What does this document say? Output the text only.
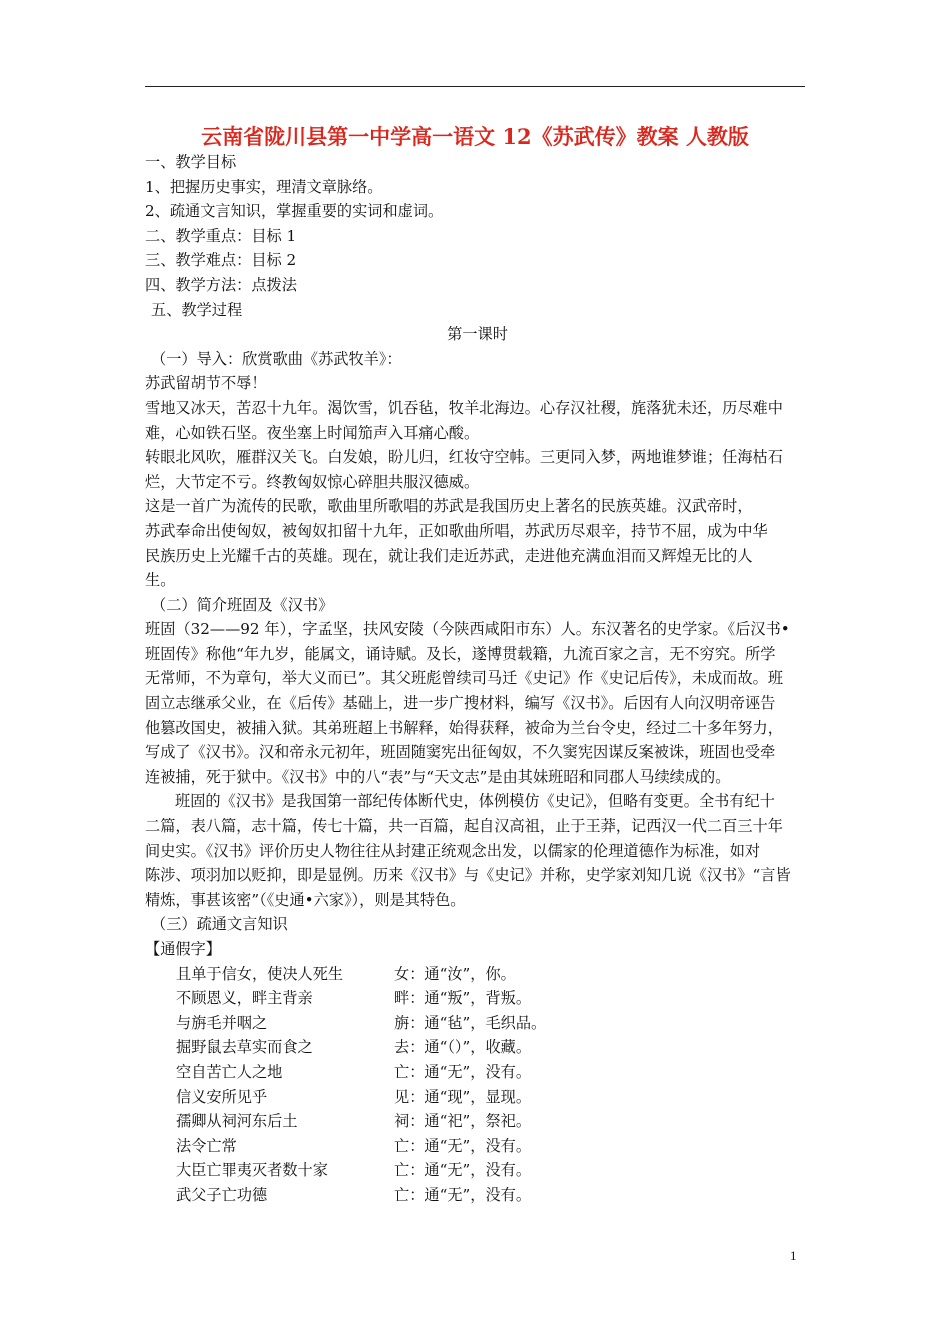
云南省陇川县第一中学高一语文 12《苏武传》教案 人教版
一、教学目标
1、把握历史事实，理清文章脉络。
2、疏通文言知识，掌握重要的实词和虚词。
二、教学重点：目标 1
三、教学难点：目标 2
四、教学方法：点拨法
五、教学过程
第一课时
（一）导入：欣赏歌曲《苏武牧羊》：
苏武留胡节不辱！
雪地又冰天，苦忍十九年。渴饮雪，饥吞毡，牧羊北海边。心存汉社稷，旄落犹未还，历尽难中
难，心如铁石坚。夜坐塞上时闻笳声入耳痛心酸。
转眼北风吹，雁群汉关飞。白发娘，盼儿归，红妆守空帏。三更同入梦，两地谁梦谁；任海枯石
烂，大节定不亏。终教匈奴惊心碎胆共服汉德威。
这是一首广为流传的民歌，歌曲里所歌唱的苏武是我国历史上著名的民族英雄。汉武帝时，
苏武奉命出使匈奴，被匈奴扣留十九年，正如歌曲所唱，苏武历尽艰辛，持节不屈，成为中华
民族历史上光耀千古的英雄。现在，就让我们走近苏武，走进他充满血泪而又辉煌无比的人
生。
（二）简介班固及《汉书》
班固（32——92 年），字孟坚，扶风安陵（今陕西咸阳市东）人。东汉著名的史学家。《后汉书•
班固传》称他“年九岁，能属文，诵诗赋。及长，遂博贯载籍，九流百家之言，无不穷究。所学
无常师，不为章句，举大义而已”。其父班彪曾续司马迁《史记》作《史记后传》，未成而故。班
固立志继承父业，在《后传》基础上，进一步广搜材料，编写《汉书》。后因有人向汉明帝诬告
他篡改国史，被捕入狱。其弟班超上书解释，始得获释，被命为兰台令史，经过二十多年努力，
写成了《汉书》。汉和帝永元初年，班固随窦宪出征匈奴，不久窦宪因谋反案被诛，班固也受牵
连被捕，死于狱中。《汉书》中的八“表”与“天文志”是由其妹班昭和同郡人马续续成的。
班固的《汉书》是我国第一部纪传体断代史，体例模仿《史记》，但略有变更。全书有纪十
二篇，表八篇，志十篇，传七十篇，共一百篇，起自汉高祖，止于王莽，记西汉一代二百三十年
间史实。《汉书》评价历史人物往往从封建正统观念出发，以儒家的伦理道德作为标准，如对
陈涉、项羽加以贬抑，即是显例。历来《汉书》与《史记》并称，史学家刘知几说《汉书》“言皆
精炼，事甚该密”（《史通•六家》），则是其特色。
（三）疏通文言知识
【通假字】
且单于信女，使决人死生	女：通“汝”，你。
不顾恩义，畔主背亲	畔：通“叛”，背叛。
与旃毛并咽之	旃：通“毡”，毛织品。
掘野鼠去草实而食之	去：通“（）”，收藏。
空自苦亡人之地	亡：通“无”，没有。
信义安所见乎	见：通“现”，显现。
孺卿从祠河东后土	祠：通“祀”，祭祀。
法令亡常	亡：通“无”，没有。
大臣亡罪夷灭者数十家	亡：通“无”，没有。
武父子亡功德	亡：通“无”，没有。
1
